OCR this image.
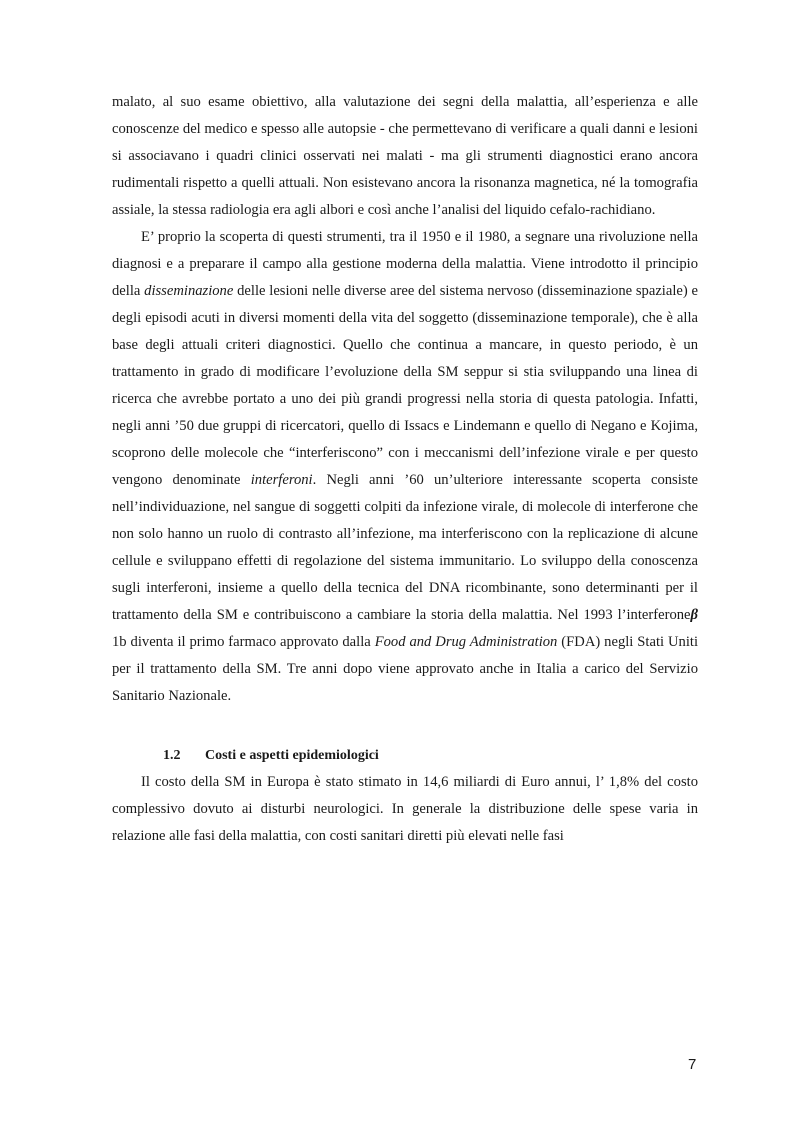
malato, al suo esame obiettivo, alla valutazione dei segni della malattia, all’esperienza e alle conoscenze del medico e spesso alle autopsie - che permettevano di verificare a quali danni e lesioni si associavano i quadri clinici osservati nei malati - ma gli strumenti diagnostici erano ancora rudimentali rispetto a quelli attuali. Non esistevano ancora la risonanza magnetica, né la tomografia assiale, la stessa radiologia era agli albori e così anche l’analisi del liquido cefalo-rachidiano.

E’ proprio la scoperta di questi strumenti, tra il 1950 e il 1980, a segnare una rivoluzione nella diagnosi e a preparare il campo alla gestione moderna della malattia. Viene introdotto il principio della disseminazione delle lesioni nelle diverse aree del sistema nervoso (disseminazione spaziale) e degli episodi acuti in diversi momenti della vita del soggetto (disseminazione temporale), che è alla base degli attuali criteri diagnostici. Quello che continua a mancare, in questo periodo, è un trattamento in grado di modificare l’evoluzione della SM seppur si stia sviluppando una linea di ricerca che avrebbe portato a uno dei più grandi progressi nella storia di questa patologia. Infatti, negli anni ’50 due gruppi di ricercatori, quello di Issacs e Lindemann e quello di Negano e Kojima, scoprono delle molecole che “interferiscono” con i meccanismi dell’infezione virale e per questo vengono denominate interferoni. Negli anni ’60 un’ulteriore interessante scoperta consiste nell’individuazione, nel sangue di soggetti colpiti da infezione virale, di molecole di interferone che non solo hanno un ruolo di contrasto all’infezione, ma interferiscono con la replicazione di alcune cellule e sviluppano effetti di regolazione del sistema immunitario. Lo sviluppo della conoscenza sugli interferoni, insieme a quello della tecnica del DNA ricombinante, sono determinanti per il trattamento della SM e contribuiscono a cambiare la storia della malattia. Nel 1993 l’interferoneβ 1b diventa il primo farmaco approvato dalla Food and Drug Administration (FDA) negli Stati Uniti per il trattamento della SM. Tre anni dopo viene approvato anche in Italia a carico del Servizio Sanitario Nazionale.

1.2 Costi e aspetti epidemiologici

Il costo della SM in Europa è stato stimato in 14,6 miliardi di Euro annui, l’ 1,8% del costo complessivo dovuto ai disturbi neurologici. In generale la distribuzione delle spese varia in relazione alle fasi della malattia, con costi sanitari diretti più elevati nelle fasi

7
